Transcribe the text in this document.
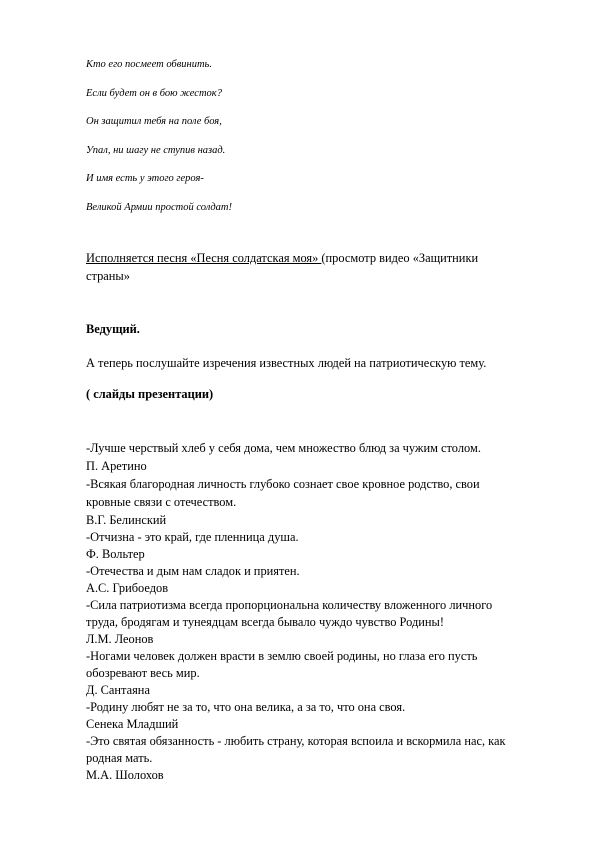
Кто его посмеет обвинить.
Если будет он в бою жесток?
Он защитил тебя на поле боя,
Упал, ни шагу не ступив назад.
И имя есть у этого героя-
Великой Армии простой солдат!
Исполняется песня «Песня солдатская моя» (просмотр видео «Защитники
страны»
Ведущий.
А теперь послушайте изречения известных людей на патриотическую тему.
( слайды презентации)
-Лучше черствый хлеб у себя дома, чем множество блюд за чужим столом.
П. Аретино
-Всякая благородная личность глубоко сознает свое кровное родство, свои
кровные связи с отечеством.
В.Г. Белинский
-Отчизна - это край, где пленница душа.
Ф. Вольтер
-Отечества и дым нам сладок и приятен.
А.С. Грибоедов
-Сила патриотизма всегда пропорциональна количеству вложенного личного
труда, бродягам и тунеядцам всегда бывало чуждо чувство Родины!
Л.М. Леонов
-Ногами человек должен врасти в землю своей родины, но глаза его пусть
обозревают весь мир.
Д. Сантаяна
-Родину любят не за то, что она велика, а за то, что она своя.
Сенека Младший
-Это святая обязанность - любить страну, которая вспоила и вскормила нас, как
родная мать.
М.А. Шолохов
